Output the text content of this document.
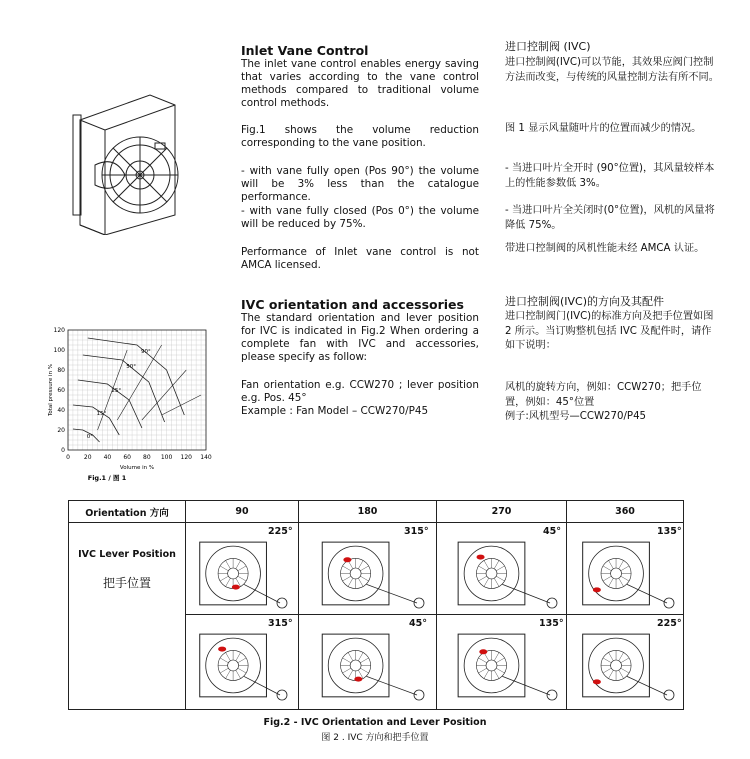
Inlet Vane Control
The inlet vane control enables energy saving that varies according to the vane control methods compared to traditional volume control methods.
Fig.1 shows the volume reduction corresponding to the vane position.
- with vane fully open (Pos 90°) the volume will be 3% less than the catalogue performance.
- with vane fully closed (Pos 0°) the volume will be reduced by 75%.
Performance of Inlet vane control is not AMCA licensed.
进口控制阀 (IVC)
进口控制阀(IVC)可以节能，其效果应阀门控制方法而改变，与传统的风量控制方法有所不同。
图 1 显示风量随叶片的位置而减少的情况。
- 当进口叶片全开时 (90°位置)，其风量较样本上的性能参数低 3%。
- 当进口叶片全关闭时(0°位置)，风机的风量将降低 75%。
带进口控制阀的风机性能未经 AMCA 认证。
IVC orientation and accessories
The standard orientation and lever position for IVC is indicated in Fig.2 When ordering a complete fan with IVC and accessories, please specify as follow:
Fan orientation e.g. CCW270 ; lever position e.g. Pos. 45°
Example : Fan Model – CCW270/P45
进口控制阀(IVC)的方向及其配件
进口控制阀门(IVC)的标准方向及把手位置如图 2 所示。当订购整机包括 IVC 及配件时，请作如下说明：
风机的旋转方向，例如：CCW270；把手位置，例如：45°位置
例子:风机型号—CCW270/P45
0 20 40 60 80 100 120 140
0
20
40
60
80
100
120
Volume in %
Total pressure in %
Fig.1 / 图 1
0°
15°
25°
50°
90°
Orientation 方向	90	180	270	360
IVC Lever Position
把手位置
225°	315°	45°	135°
315°	45°	135°	225°
Fig.2 - IVC Orientation and Lever Position
图 2 . IVC 方向和把手位置
